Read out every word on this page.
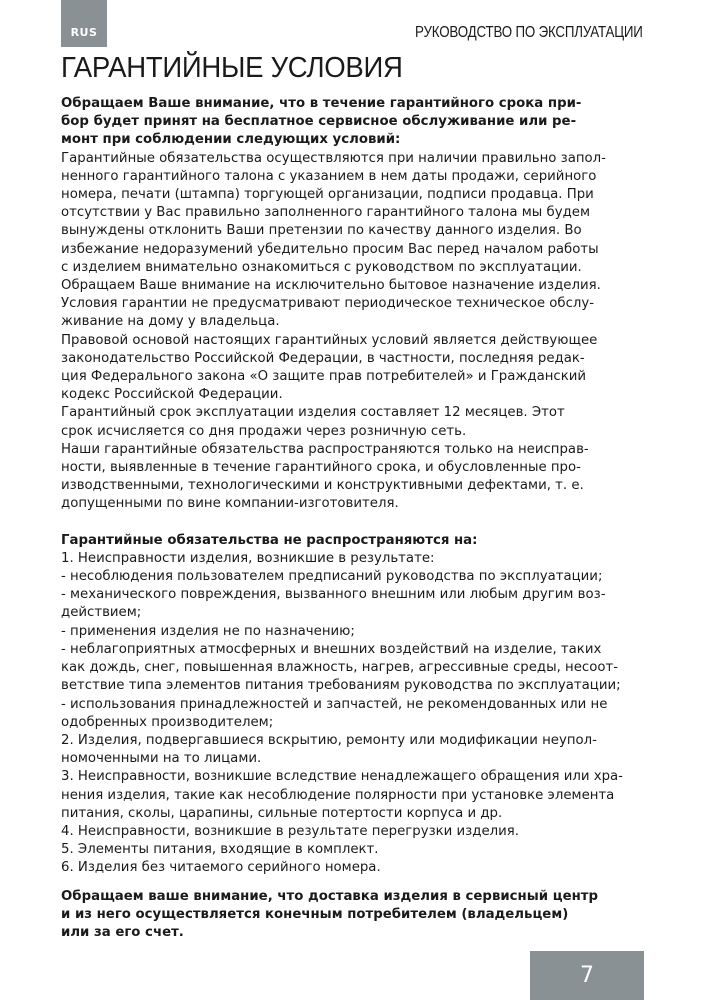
RUS	РУКОВОДСТВО ПО ЭКСПЛУАТАЦИИ
ГАРАНТИЙНЫЕ УСЛОВИЯ

Обращаем Ваше внимание, что в течение гарантийного срока при-

бор будет принят на бесплатное сервисное обслуживание или ре-

монт при соблюдении следующих условий:

Гарантийные обязательства осуществляются при наличии правильно запол-

ненного гарантийного талона с указанием в нем даты продажи, серийного

номера, печати (штампа) торгующей организации, подписи продавца. При

отсутствии у Вас правильно заполненного гарантийного талона мы будем

вынуждены отклонить Ваши претензии по качеству данного изделия. Во

избежание недоразумений убедительно просим Вас перед началом работы

с изделием внимательно ознакомиться с руководством по эксплуатации.

Обращаем Ваше внимание на исключительно бытовое назначение изделия.

Условия гарантии не предусматривают периодическое техническое обслу-

живание на дому у владельца.

Правовой основой настоящих гарантийных условий является действующее

законодательство Российской Федерации, в частности, последняя редак-

ция Федерального закона «О защите прав потребителей» и Гражданский

кодекс Российской Федерации.

Гарантийный срок эксплуатации изделия составляет 12 месяцев. Этот

срок исчисляется со дня продажи через розничную сеть.

Наши гарантийные обязательства распространяются только на неисправ-

ности, выявленные в течение гарантийного срока, и обусловленные про-

изводственными, технологическими и конструктивными дефектами, т. е.

допущенными по вине компании-изготовителя.

Гарантийные обязательства не распространяются на:

1. Неисправности изделия, возникшие в результате:

- несоблюдения пользователем предписаний руководства по эксплуатации;

- механического повреждения, вызванного внешним или любым другим воз-

действием;

- применения изделия не по назначению;

- неблагоприятных атмосферных и внешних воздействий на изделие, таких

как дождь, снег, повышенная влажность, нагрев, агрессивные среды, несоот-

ветствие типа элементов питания требованиям руководства по эксплуатации;

- использования принадлежностей и запчастей, не рекомендованных или не

одобренных производителем;

2. Изделия, подвергавшиеся вскрытию, ремонту или модификации неупол-

номоченными на то лицами.

3. Неисправности, возникшие вследствие ненадлежащего обращения или хра-

нения изделия, такие как несоблюдение полярности при установке элемента

питания, сколы, царапины, сильные потертости корпуса и др.

4. Неисправности, возникшие в результате перегрузки изделия.

5. Элементы питания, входящие в комплект.

6. Изделия без читаемого серийного номера.

Обращаем ваше внимание, что доставка изделия в сервисный центр

и из него осуществляется конечным потребителем (владельцем)

или за его счет.

7
